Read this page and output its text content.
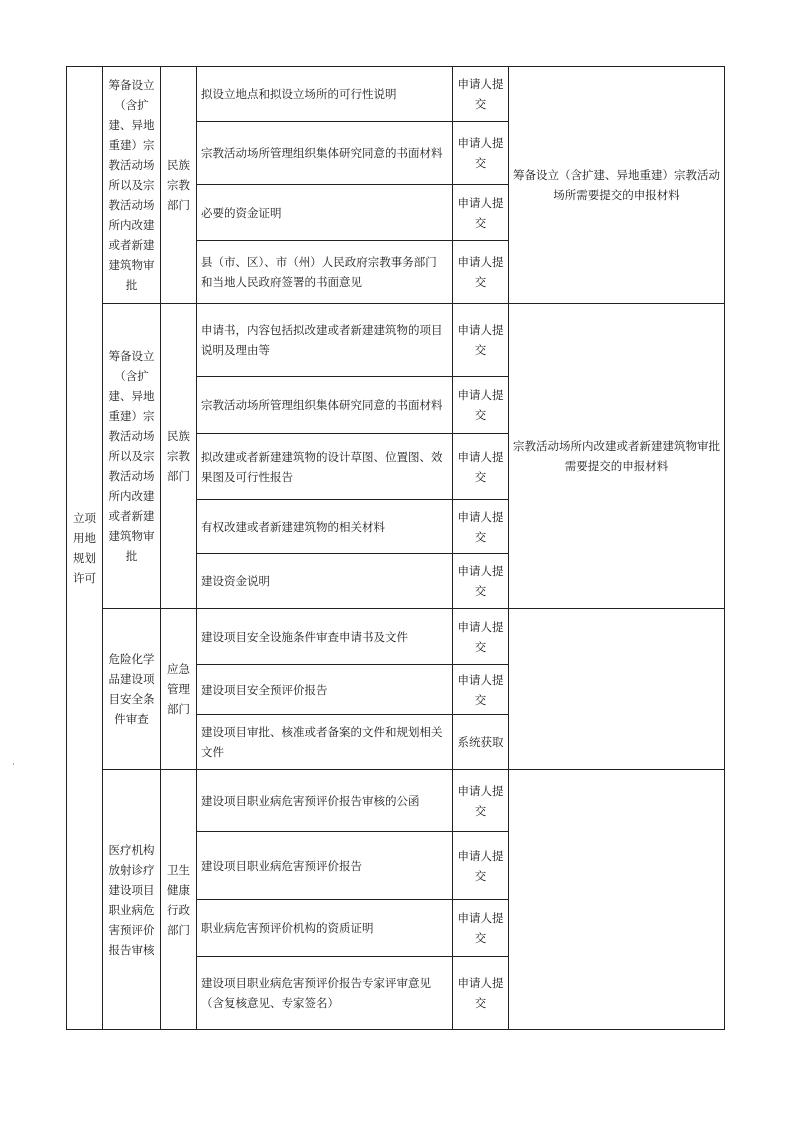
立项用地规划许可	筹备设立（含扩建、异地重建）宗教活动场所以及宗教活动场所内改建或者新建建筑物审批	民族宗教部门	拟设立地点和拟设立场所的可行性说明	申请人提交	筹备设立（含扩建、异地重建）宗教活动场所需要提交的申报材料
			宗教活动场所管理组织集体研究同意的书面材料	申请人提交	
			必要的资金证明	申请人提交	
			县（市、区）、市（州）人民政府宗教事务部门和当地人民政府签署的书面意见	申请人提交	
	筹备设立（含扩建、异地重建）宗教活动场所以及宗教活动场所内改建或者新建建筑物审批	民族宗教部门	申请书，内容包括拟改建或者新建建筑物的项目说明及理由等	申请人提交	宗教活动场所内改建或者新建建筑物审批需要提交的申报材料
			宗教活动场所管理组织集体研究同意的书面材料	申请人提交	
			拟改建或者新建建筑物的设计草图、位置图、效果图及可行性报告	申请人提交	
			有权改建或者新建建筑物的相关材料	申请人提交	
			建设资金说明	申请人提交	
	危险化学品建设项目安全条件审查	应急管理部门	建设项目安全设施条件审查申请书及文件	申请人提交	
			建设项目安全预评价报告	申请人提交	
			建设项目审批、核准或者备案的文件和规划相关文件	系统获取	
	医疗机构放射诊疗建设项目职业病危害预评价报告审核	卫生健康行政部门	建设项目职业病危害预评价报告审核的公函	申请人提交	
			建设项目职业病危害预评价报告	申请人提交	
			职业病危害预评价机构的资质证明	申请人提交	
			建设项目职业病危害预评价报告专家评审意见（含复核意见、专家签名）	申请人提交	
·
